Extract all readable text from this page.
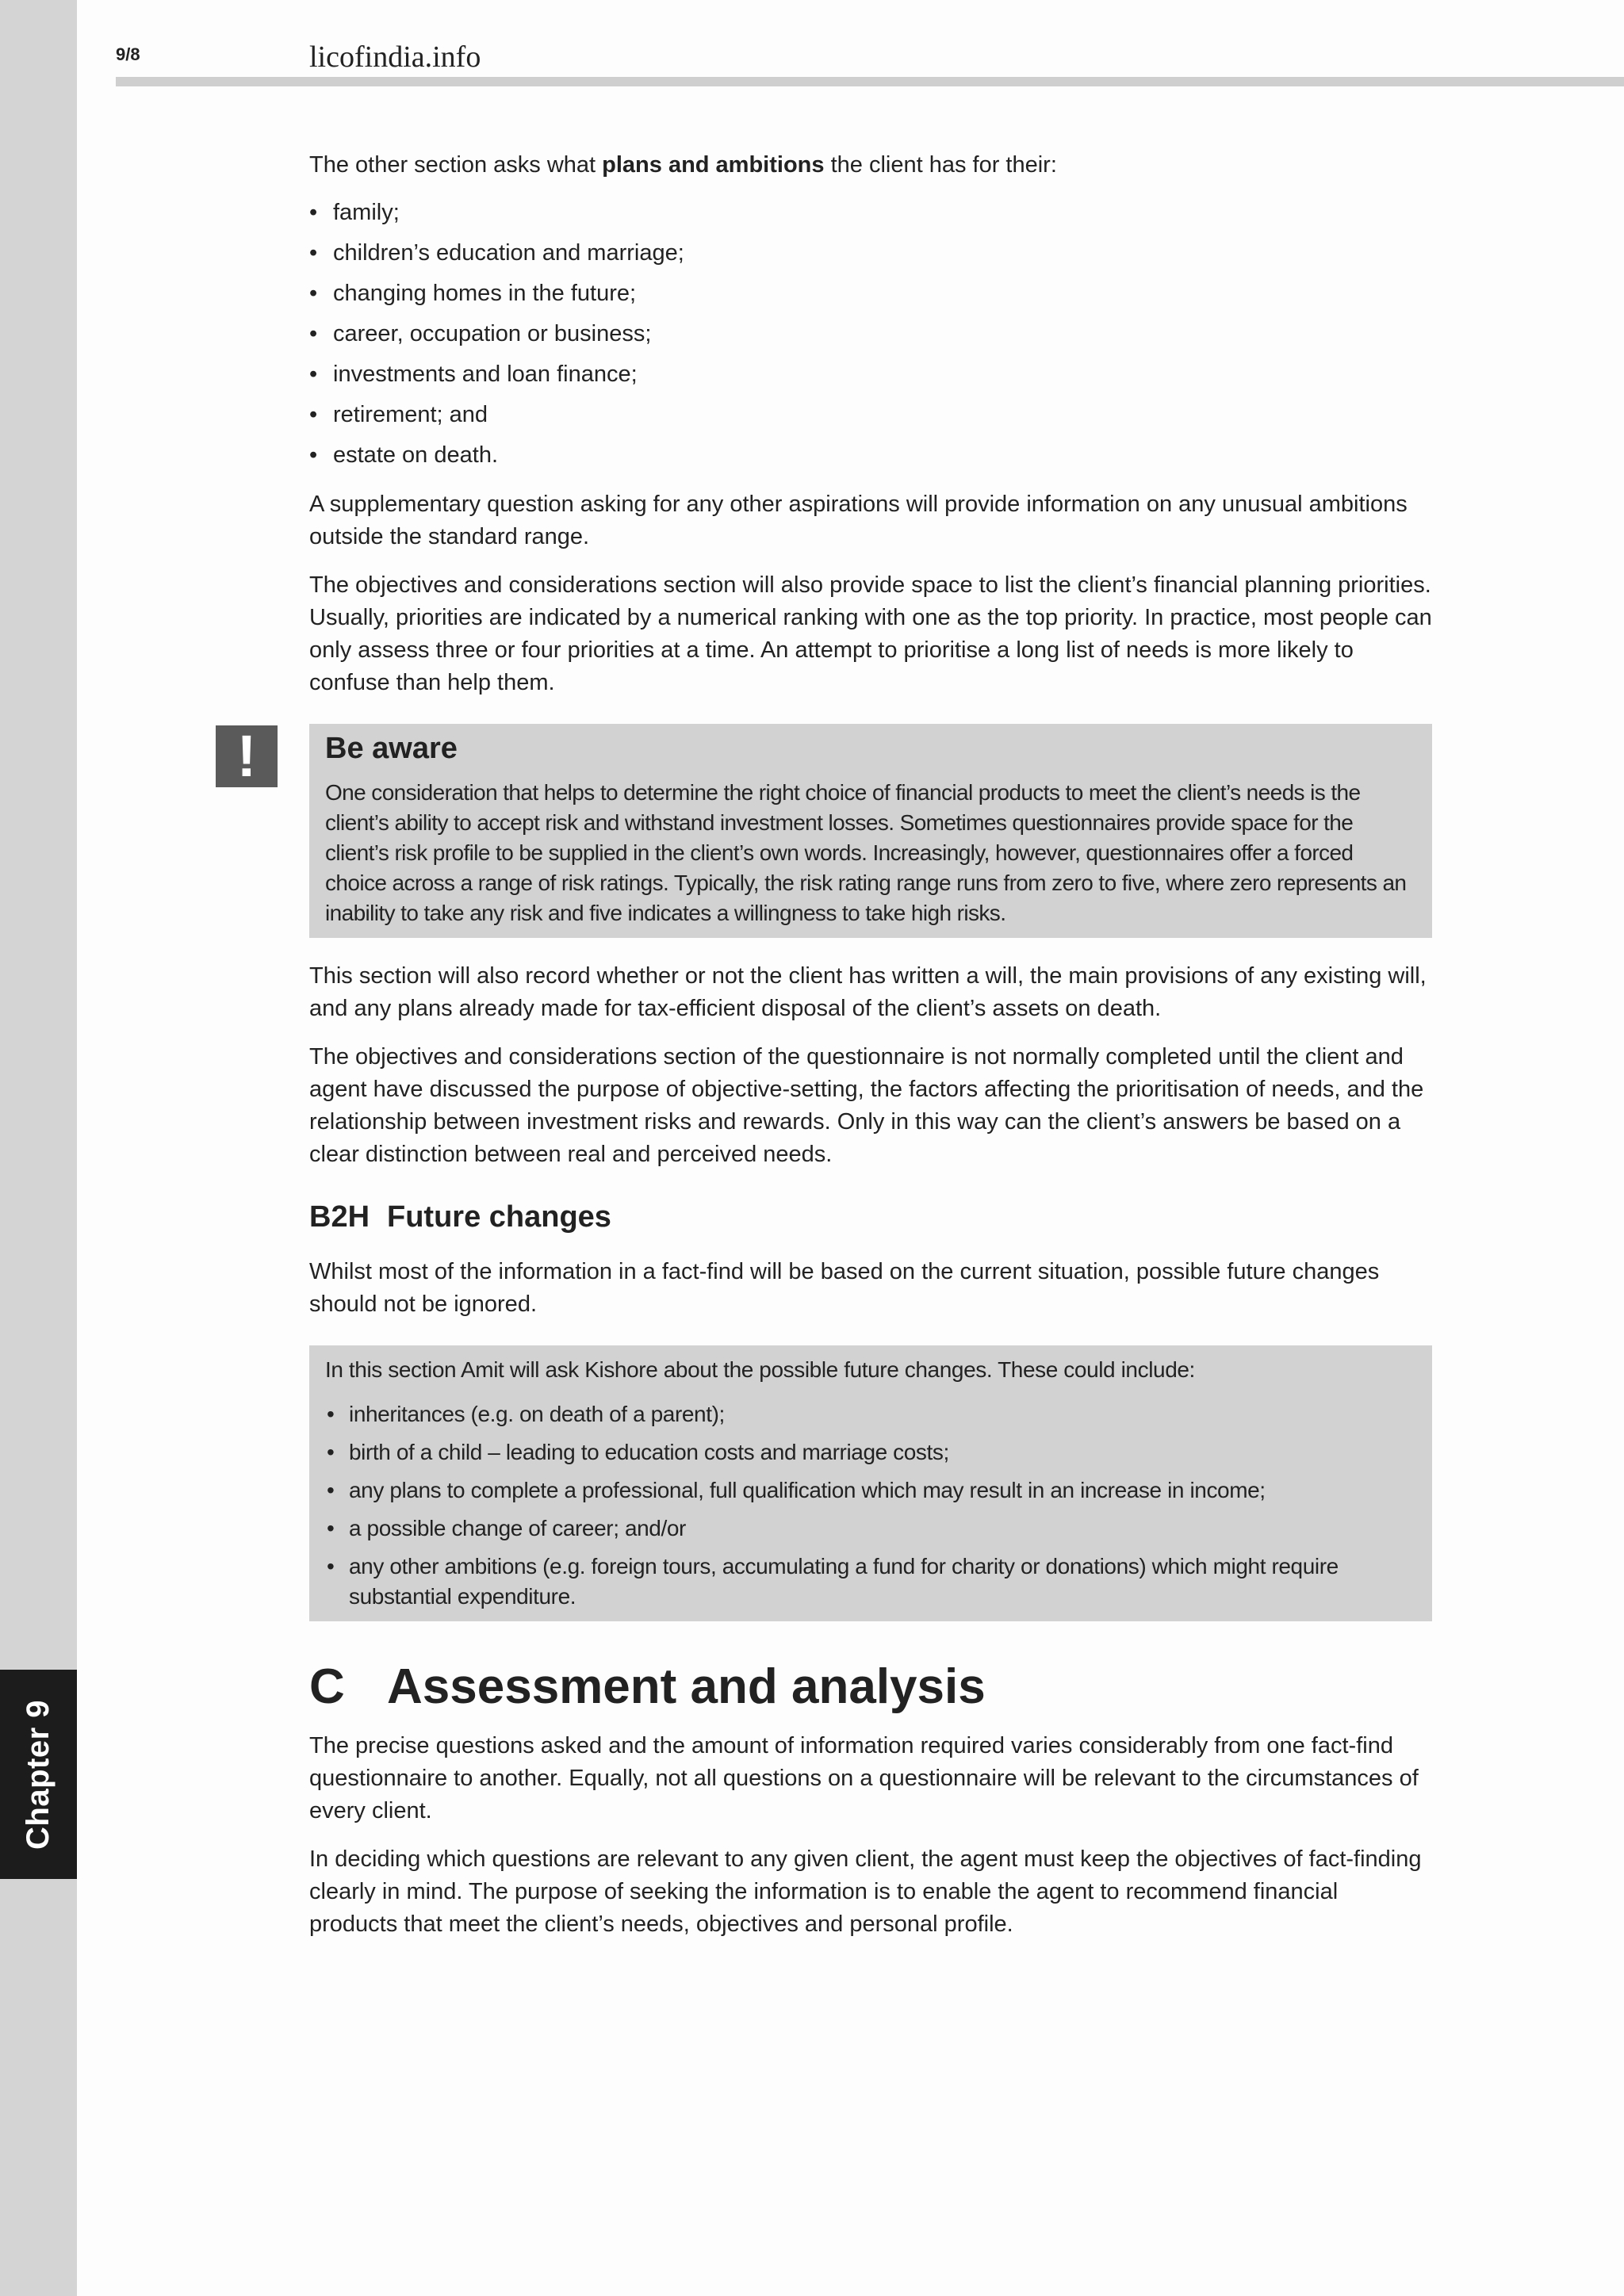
Chapter 9
9/8	licofindia.info

The other section asks what plans and ambitions the client has for their:

• family;
• children’s education and marriage;
• changing homes in the future;
• career, occupation or business;
• investments and loan finance;
• retirement; and
• estate on death.

A supplementary question asking for any other aspirations will provide information on any unusual ambitions outside the standard range.

The objectives and considerations section will also provide space to list the client’s financial planning priorities. Usually, priorities are indicated by a numerical ranking with one as the top priority. In practice, most people can only assess three or four priorities at a time. An attempt to prioritise a long list of needs is more likely to confuse than help them.

This section will also record whether or not the client has written a will, the main provisions of any existing will, and any plans already made for tax-efficient disposal of the client’s assets on death.

The objectives and considerations section of the questionnaire is not normally completed until the client and agent have discussed the purpose of objective-setting, the factors affecting the prioritisation of needs, and the relationship between investment risks and rewards. Only in this way can the client’s answers be based on a clear distinction between real and perceived needs.

Whilst most of the information in a fact-find will be based on the current situation, possible future changes should not be ignored.

The precise questions asked and the amount of information required varies considerably from one fact-find questionnaire to another. Equally, not all questions on a questionnaire will be relevant to the circumstances of every client.

In deciding which questions are relevant to any given client, the agent must keep the objectives of fact-finding clearly in mind. The purpose of seeking the information is to enable the agent to recommend financial products that meet the client’s needs, objectives and personal profile.

! Be aware

One consideration that helps to determine the right choice of financial products to meet the client’s needs is the client’s ability to accept risk and withstand investment losses. Sometimes questionnaires provide space for the client’s risk profile to be supplied in the client’s own words. Increasingly, however, questionnaires offer a forced choice across a range of risk ratings. Typically, the risk rating range runs from zero to five, where zero represents an inability to take any risk and five indicates a willingness to take high risks.

B2H Future changes

In this section Amit will ask Kishore about the possible future changes. These could include:

• inheritances (e.g. on death of a parent);
• birth of a child – leading to education costs and marriage costs;
• any plans to complete a professional, full qualification which may result in an increase in income;
• a possible change of career; and/or
• any other ambitions (e.g. foreign tours, accumulating a fund for charity or donations) which might require substantial expenditure.
C Assessment and analysis
